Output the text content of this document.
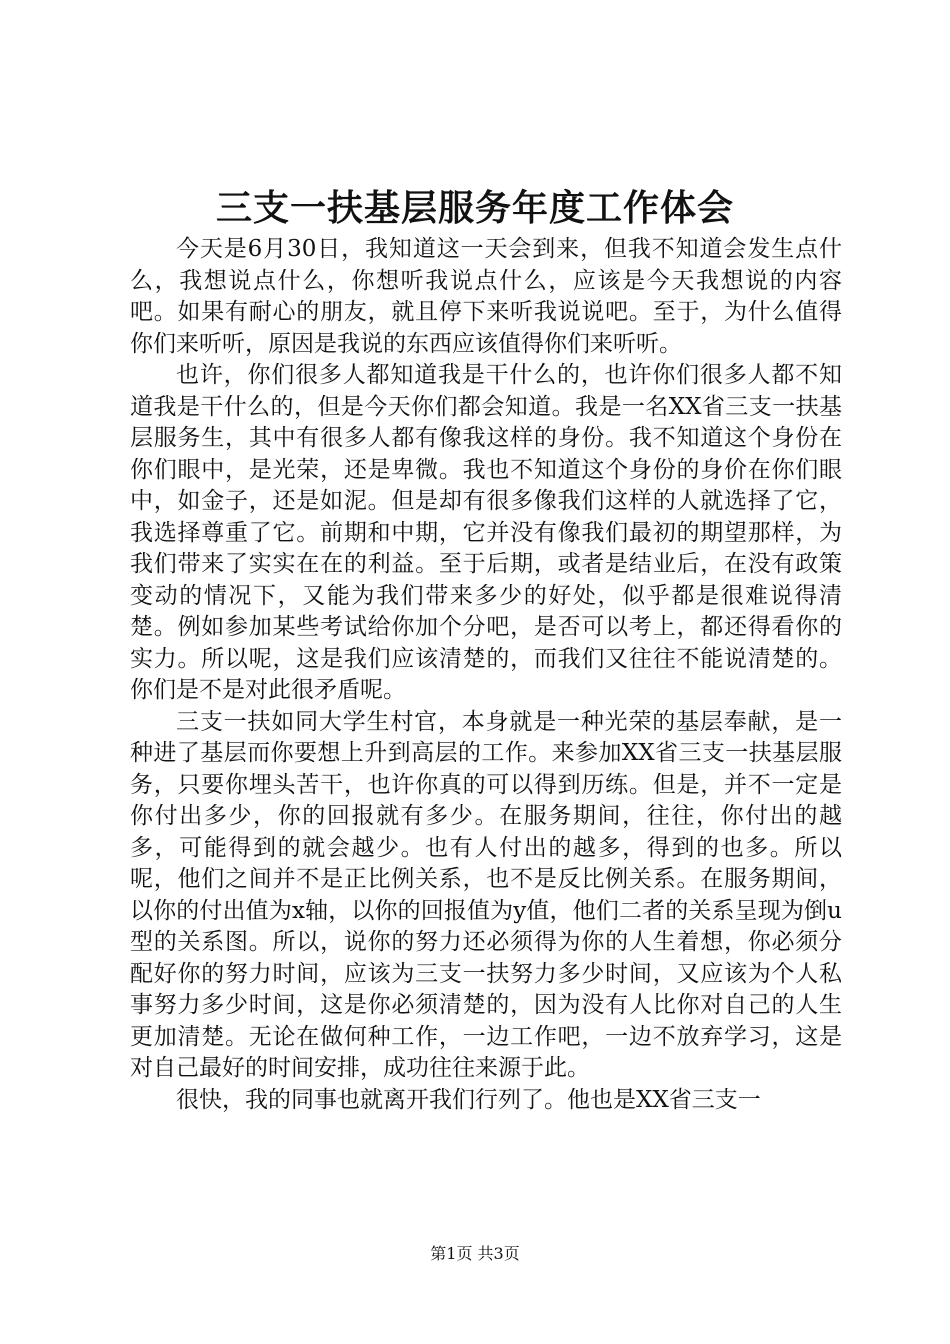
三支一扶基层服务年度工作体会

今天是6月30日，我知道这一天会到来，但我不知道会发生点什么，我想说点什么，你想听我说点什么，应该是今天我想说的内容吧。如果有耐心的朋友，就且停下来听我说说吧。至于，为什么值得你们来听听，原因是我说的东西应该值得你们来听听。

也许，你们很多人都知道我是干什么的，也许你们很多人都不知道我是干什么的，但是今天你们都会知道。我是一名XX省三支一扶基层服务生，其中有很多人都有像我这样的身份。我不知道这个身份在你们眼中，是光荣，还是卑微。我也不知道这个身份的身价在你们眼中，如金子，还是如泥。但是却有很多像我们这样的人就选择了它，我选择尊重了它。前期和中期，它并没有像我们最初的期望那样，为我们带来了实实在在的利益。至于后期，或者是结业后，在没有政策变动的情况下，又能为我们带来多少的好处，似乎都是很难说得清楚。例如参加某些考试给你加个分吧，是否可以考上，都还得看你的实力。所以呢，这是我们应该清楚的，而我们又往往不能说清楚的。你们是不是对此很矛盾呢。

三支一扶如同大学生村官，本身就是一种光荣的基层奉献，是一种进了基层而你要想上升到高层的工作。来参加XX省三支一扶基层服务，只要你埋头苦干，也许你真的可以得到历练。但是，并不一定是你付出多少，你的回报就有多少。在服务期间，往往，你付出的越多，可能得到的就会越少。也有人付出的越多，得到的也多。所以呢，他们之间并不是正比例关系，也不是反比例关系。在服务期间，以你的付出值为x轴，以你的回报值为y值，他们二者的关系呈现为倒u型的关系图。所以，说你的努力还必须得为你的人生着想，你必须分配好你的努力时间，应该为三支一扶努力多少时间，又应该为个人私事努力多少时间，这是你必须清楚的，因为没有人比你对自己的人生更加清楚。无论在做何种工作，一边工作吧，一边不放弃学习，这是对自己最好的时间安排，成功往往来源于此。

很快，我的同事也就离开我们行列了。他也是XX省三支一

第1页 共3页
